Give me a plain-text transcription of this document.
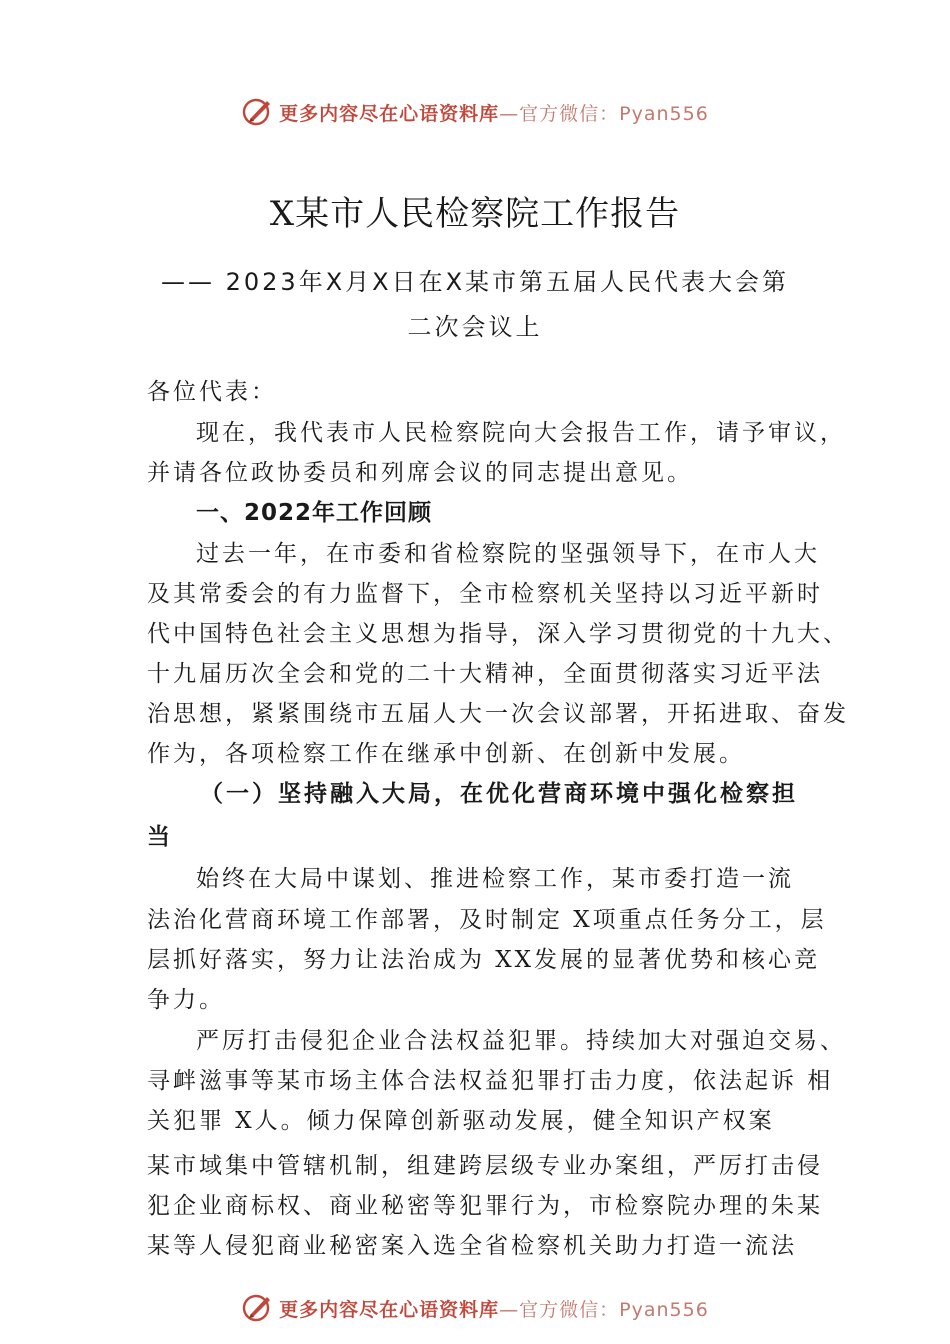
更多内容尽在心语资料库—官方微信：Pyan556
X某市人民检察院工作报告
—— 2023年X月X日在X某市第五届人民代表大会第
二次会议上
各位代表：
现在，我代表市人民检察院向大会报告工作，请予审议，
并请各位政协委员和列席会议的同志提出意见。
一、2022年工作回顾
过去一年，在市委和省检察院的坚强领导下，在市人大
及其常委会的有力监督下，全市检察机关坚持以习近平新时
代中国特色社会主义思想为指导，深入学习贯彻党的十九大、
十九届历次全会和党的二十大精神，全面贯彻落实习近平法
治思想，紧紧围绕市五届人大一次会议部署，开拓进取、奋发
作为，各项检察工作在继承中创新、在创新中发展。
（一）坚持融入大局，在优化营商环境中强化检察担
当
始终在大局中谋划、推进检察工作，某市委打造一流
法治化营商环境工作部署，及时制定 X项重点任务分工，层
层抓好落实，努力让法治成为 XX发展的显著优势和核心竞
争力。
严厉打击侵犯企业合法权益犯罪。持续加大对强迫交易、
寻衅滋事等某市场主体合法权益犯罪打击力度，依法起诉 相
关犯罪 X人。倾力保障创新驱动发展，健全知识产权案
某市域集中管辖机制，组建跨层级专业办案组，严厉打击侵
犯企业商标权、商业秘密等犯罪行为，市检察院办理的朱某
某等人侵犯商业秘密案入选全省检察机关助力打造一流法
更多内容尽在心语资料库—官方微信：Pyan556
